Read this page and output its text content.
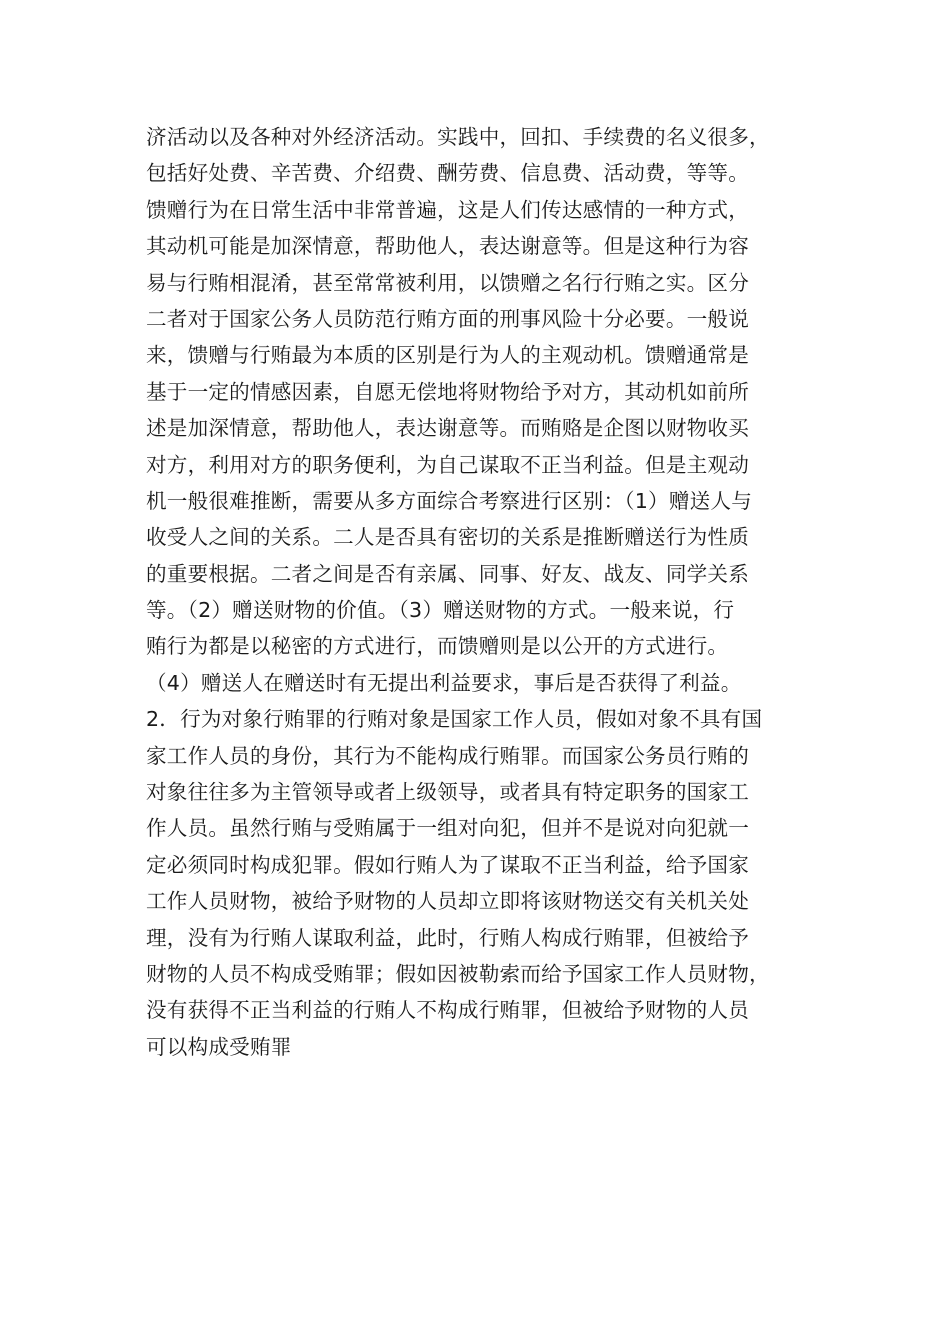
济活动以及各种对外经济活动。实践中，回扣、手续费的名义很多，
包括好处费、辛苦费、介绍费、酬劳费、信息费、活动费，等等。
馈赠行为在日常生活中非常普遍，这是人们传达感情的一种方式，
其动机可能是加深情意，帮助他人，表达谢意等。但是这种行为容
易与行贿相混淆，甚至常常被利用，以馈赠之名行行贿之实。区分
二者对于国家公务人员防范行贿方面的刑事风险十分必要。一般说
来，馈赠与行贿最为本质的区别是行为人的主观动机。馈赠通常是
基于一定的情感因素，自愿无偿地将财物给予对方，其动机如前所
述是加深情意，帮助他人，表达谢意等。而贿赂是企图以财物收买
对方，利用对方的职务便利，为自己谋取不正当利益。但是主观动
机一般很难推断，需要从多方面综合考察进行区别：（1）赠送人与
收受人之间的关系。二人是否具有密切的关系是推断赠送行为性质
的重要根据。二者之间是否有亲属、同事、好友、战友、同学关系
等。（2）赠送财物的价值。（3）赠送财物的方式。一般来说，行
贿行为都是以秘密的方式进行，而馈赠则是以公开的方式进行。
（4）赠送人在赠送时有无提出利益要求，事后是否获得了利益。
2．行为对象行贿罪的行贿对象是国家工作人员，假如对象不具有国
家工作人员的身份，其行为不能构成行贿罪。而国家公务员行贿的
对象往往多为主管领导或者上级领导，或者具有特定职务的国家工
作人员。虽然行贿与受贿属于一组对向犯，但并不是说对向犯就一
定必须同时构成犯罪。假如行贿人为了谋取不正当利益，给予国家
工作人员财物，被给予财物的人员却立即将该财物送交有关机关处
理，没有为行贿人谋取利益，此时，行贿人构成行贿罪，但被给予
财物的人员不构成受贿罪；假如因被勒索而给予国家工作人员财物，
没有获得不正当利益的行贿人不构成行贿罪，但被给予财物的人员
可以构成受贿罪
